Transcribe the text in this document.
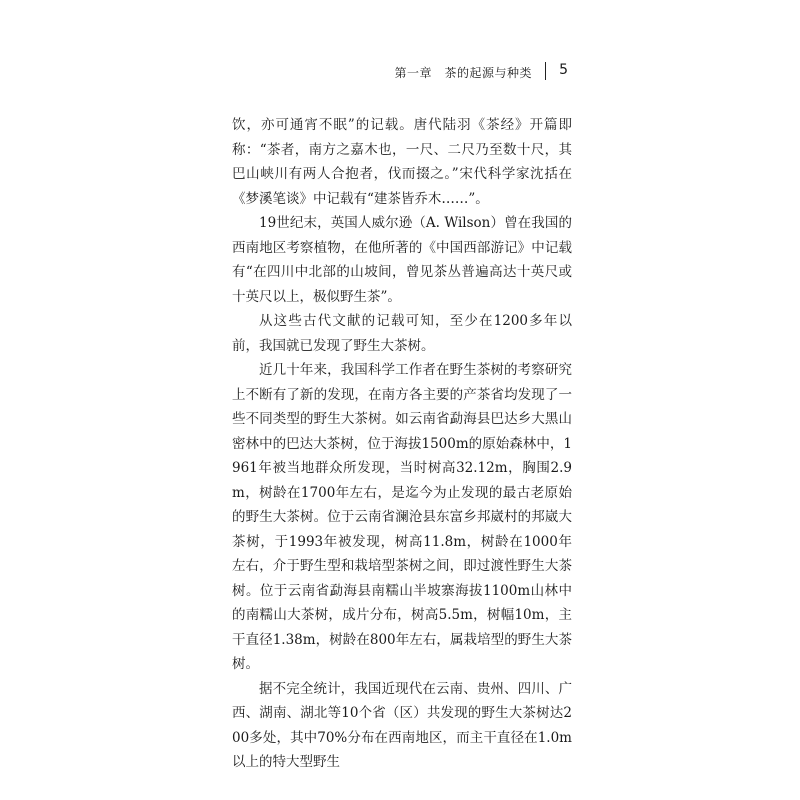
第一章　茶的起源与种类 5

饮，亦可通宵不眠”的记载。唐代陆羽《茶经》开篇即称：“茶者，南方之嘉木也，一尺、二尺乃至数十尺，其巴山峡川有两人合抱者，伐而掇之。”宋代科学家沈括在《梦溪笔谈》中记载有“建茶皆乔木……”。

19世纪末，英国人威尔逊（A. Wilson）曾在我国的西南地区考察植物，在他所著的《中国西部游记》中记载有“在四川中北部的山坡间，曾见茶丛普遍高达十英尺或十英尺以上，极似野生茶”。

从这些古代文献的记载可知，至少在1200多年以前，我国就已发现了野生大茶树。

近几十年来，我国科学工作者在野生茶树的考察研究上不断有了新的发现，在南方各主要的产茶省均发现了一些不同类型的野生大茶树。如云南省勐海县巴达乡大黑山密林中的巴达大茶树，位于海拔1500m的原始森林中，1961年被当地群众所发现，当时树高32.12m，胸围2.9m，树龄在1700年左右，是迄今为止发现的最古老原始的野生大茶树。位于云南省澜沧县东富乡邦崴村的邦崴大茶树，于1993年被发现，树高11.8m，树龄在1000年左右，介于野生型和栽培型茶树之间，即过渡性野生大茶树。位于云南省勐海县南糯山半坡寨海拔1100m山林中的南糯山大茶树，成片分布，树高5.5m，树幅10m，主干直径1.38m，树龄在800年左右，属栽培型的野生大茶树。

据不完全统计，我国近现代在云南、贵州、四川、广西、湖南、湖北等10个省（区）共发现的野生大茶树达200多处，其中70%分布在西南地区，而主干直径在1.0m以上的特大型野生
